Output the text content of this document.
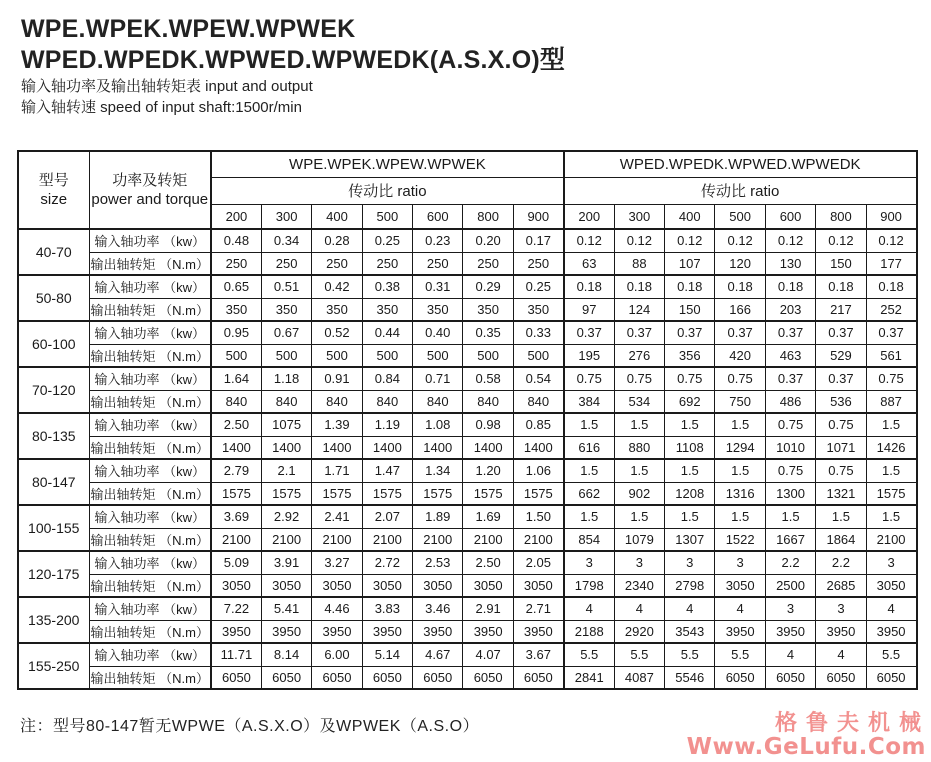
WPE.WPEK.WPEW.WPWEK
WPED.WPEDK.WPWED.WPWEDK(A.S.X.O)型
输入轴功率及输出轴转矩表 input and output
输入轴转速 speed of input shaft:1500r/min
型号
size	功率及转矩
power and torque	WPE.WPEK.WPEW.WPWEK							WPED.WPEDK.WPWED.WPWEDK						
		传动比 ratio							传动比 ratio						
		200	300	400	500	600	800	900	200	300	400	500	600	800	900
40-70	输入轴功率 （kw）	0.48	0.34	0.28	0.25	0.23	0.20	0.17	0.12	0.12	0.12	0.12	0.12	0.12	0.12
	输出轴转矩 （N.m）	250	250	250	250	250	250	250	63	88	107	120	130	150	177
50-80	输入轴功率 （kw）	0.65	0.51	0.42	0.38	0.31	0.29	0.25	0.18	0.18	0.18	0.18	0.18	0.18	0.18
	输出轴转矩 （N.m）	350	350	350	350	350	350	350	97	124	150	166	203	217	252
60-100	输入轴功率 （kw）	0.95	0.67	0.52	0.44	0.40	0.35	0.33	0.37	0.37	0.37	0.37	0.37	0.37	0.37
	输出轴转矩 （N.m）	500	500	500	500	500	500	500	195	276	356	420	463	529	561
70-120	输入轴功率 （kw）	1.64	1.18	0.91	0.84	0.71	0.58	0.54	0.75	0.75	0.75	0.75	0.37	0.37	0.75
	输出轴转矩 （N.m）	840	840	840	840	840	840	840	384	534	692	750	486	536	887
80-135	输入轴功率 （kw）	2.50	1075	1.39	1.19	1.08	0.98	0.85	1.5	1.5	1.5	1.5	0.75	0.75	1.5
	输出轴转矩 （N.m）	1400	1400	1400	1400	1400	1400	1400	616	880	1108	1294	1010	1071	1426
80-147	输入轴功率 （kw）	2.79	2.1	1.71	1.47	1.34	1.20	1.06	1.5	1.5	1.5	1.5	0.75	0.75	1.5
	输出轴转矩 （N.m）	1575	1575	1575	1575	1575	1575	1575	662	902	1208	1316	1300	1321	1575
100-155	输入轴功率 （kw）	3.69	2.92	2.41	2.07	1.89	1.69	1.50	1.5	1.5	1.5	1.5	1.5	1.5	1.5
	输出轴转矩 （N.m）	2100	2100	2100	2100	2100	2100	2100	854	1079	1307	1522	1667	1864	2100
120-175	输入轴功率 （kw）	5.09	3.91	3.27	2.72	2.53	2.50	2.05	3	3	3	3	2.2	2.2	3
	输出轴转矩 （N.m）	3050	3050	3050	3050	3050	3050	3050	1798	2340	2798	3050	2500	2685	3050
135-200	输入轴功率 （kw）	7.22	5.41	4.46	3.83	3.46	2.91	2.71	4	4	4	4	3	3	4
	输出轴转矩 （N.m）	3950	3950	3950	3950	3950	3950	3950	2188	2920	3543	3950	3950	3950	3950
155-250	输入轴功率 （kw）	11.71	8.14	6.00	5.14	4.67	4.07	3.67	5.5	5.5	5.5	5.5	4	4	5.5
	输出轴转矩 （N.m）	6050	6050	6050	6050	6050	6050	6050	2841	4087	5546	6050	6050	6050	6050
注：型号80-147暂无WPWE（A.S.X.O）及WPWEK（A.S.O）	格鲁夫机械
Www.GeLufu.Com
